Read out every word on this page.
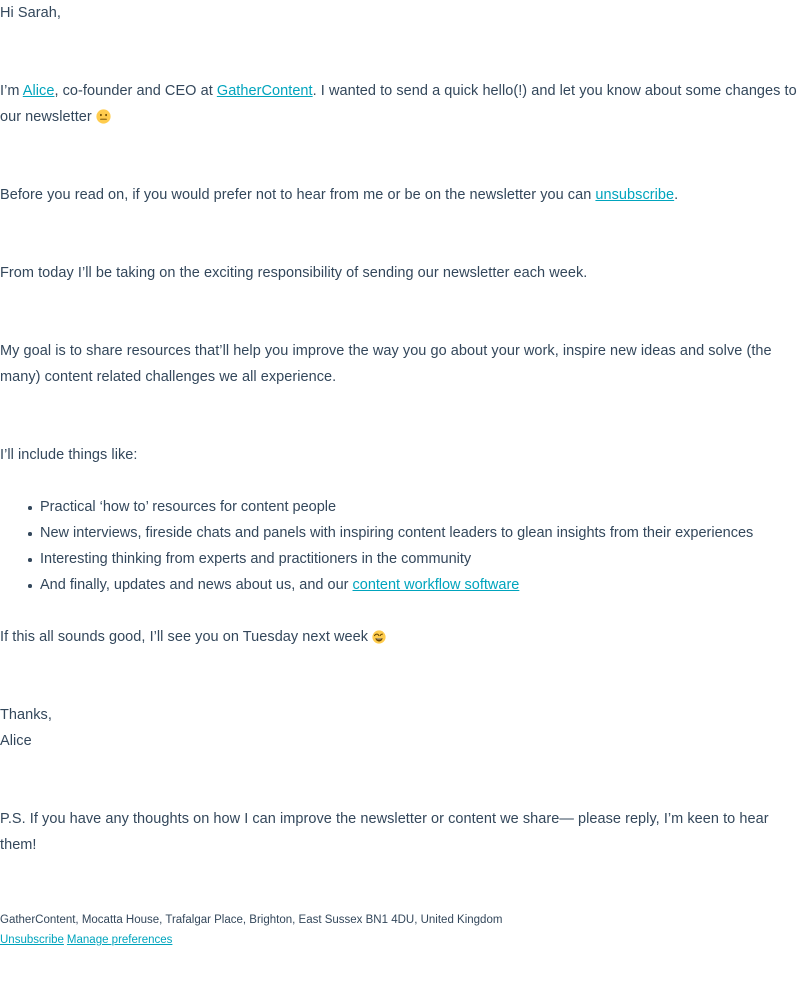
Hi Sarah,

I’m Alice, co-founder and CEO at GatherContent. I wanted to send a quick hello(!) and let you know about some changes to our newsletter

Before you read on, if you would prefer not to hear from me or be on the newsletter you can unsubscribe.

From today I’ll be taking on the exciting responsibility of sending our newsletter each week.

My goal is to share resources that’ll help you improve the way you go about your work, inspire new ideas and solve (the many) content related challenges we all experience.

I’ll include things like:

Practical ‘how to’ resources for content people
New interviews, fireside chats and panels with inspiring content leaders to glean insights from their experiences
Interesting thinking from experts and practitioners in the community
And finally, updates and news about us, and our content workflow software

If this all sounds good, I’ll see you on Tuesday next week

Thanks,

Alice

P.S. If you have any thoughts on how I can improve the newsletter or content we share— please reply, I’m keen to hear them!

GatherContent, Mocatta House, Trafalgar Place, Brighton, East Sussex BN1 4DU, United Kingdom

Unsubscribe Manage preferences
